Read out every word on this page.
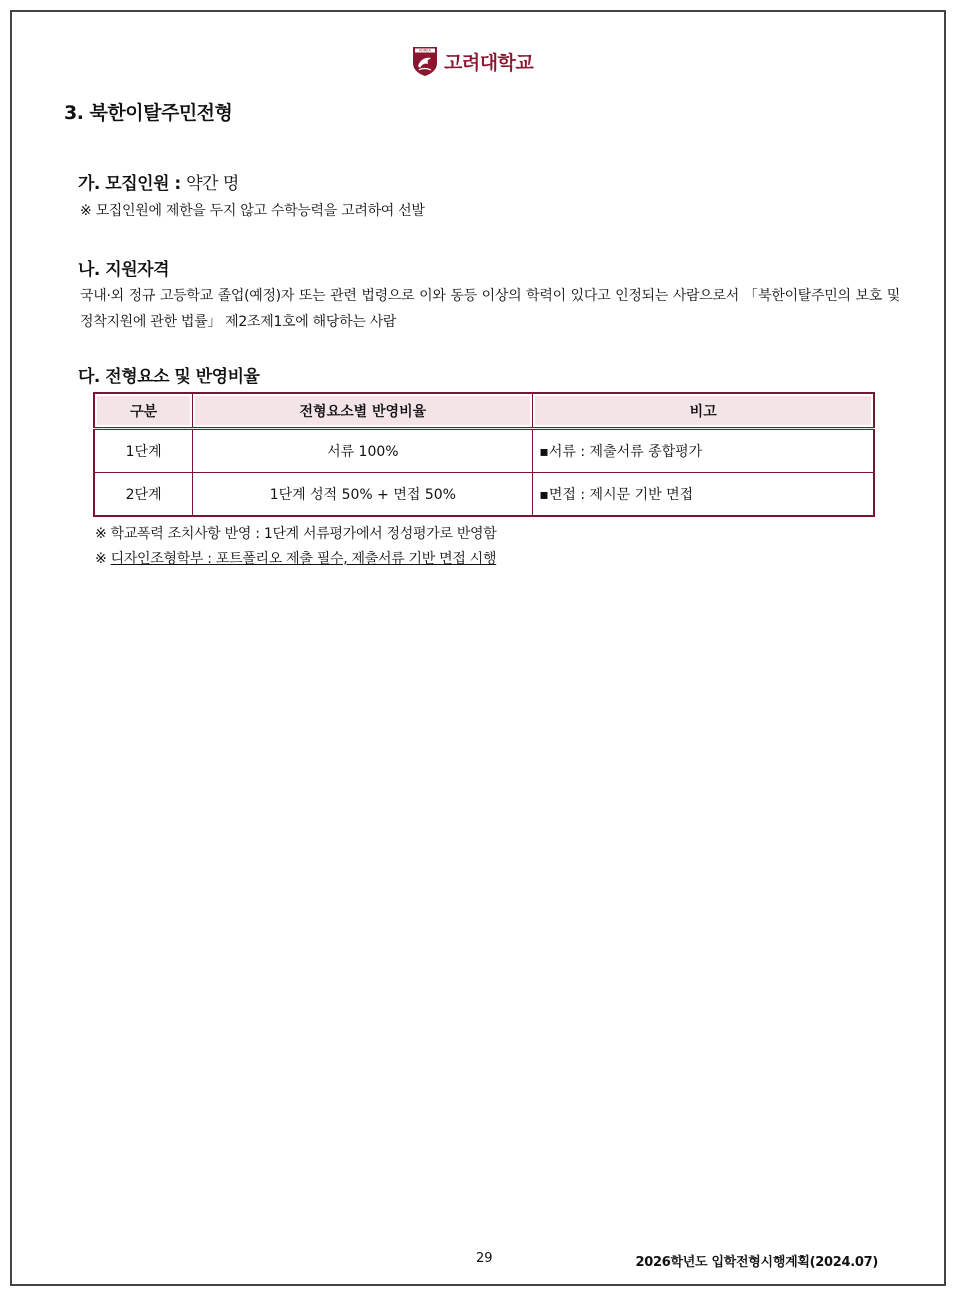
KOREA
고려대학교
3. 북한이탈주민전형
가. 모집인원 : 약간 명
※ 모집인원에 제한을 두지 않고 수학능력을 고려하여 선발
나. 지원자격
국내·외 정규 고등학교 졸업(예정)자 또는 관련 법령으로 이와 동등 이상의 학력이 있다고 인정되는 사람으로서 「북한이탈주민의 보호 및 정착지원에 관한 법률」 제2조제1호에 해당하는 사람
다. 전형요소 및 반영비율
구분	전형요소별 반영비율	비고
1단계	서류 100%	▪서류 : 제출서류 종합평가
2단계	1단계 성적 50% + 면접 50%	▪면접 : 제시문 기반 면접
※ 학교폭력 조치사항 반영 : 1단계 서류평가에서 정성평가로 반영함
※ 디자인조형학부 : 포트폴리오 제출 필수, 제출서류 기반 면접 시행
29	2026학년도 입학전형시행계획(2024.07)
